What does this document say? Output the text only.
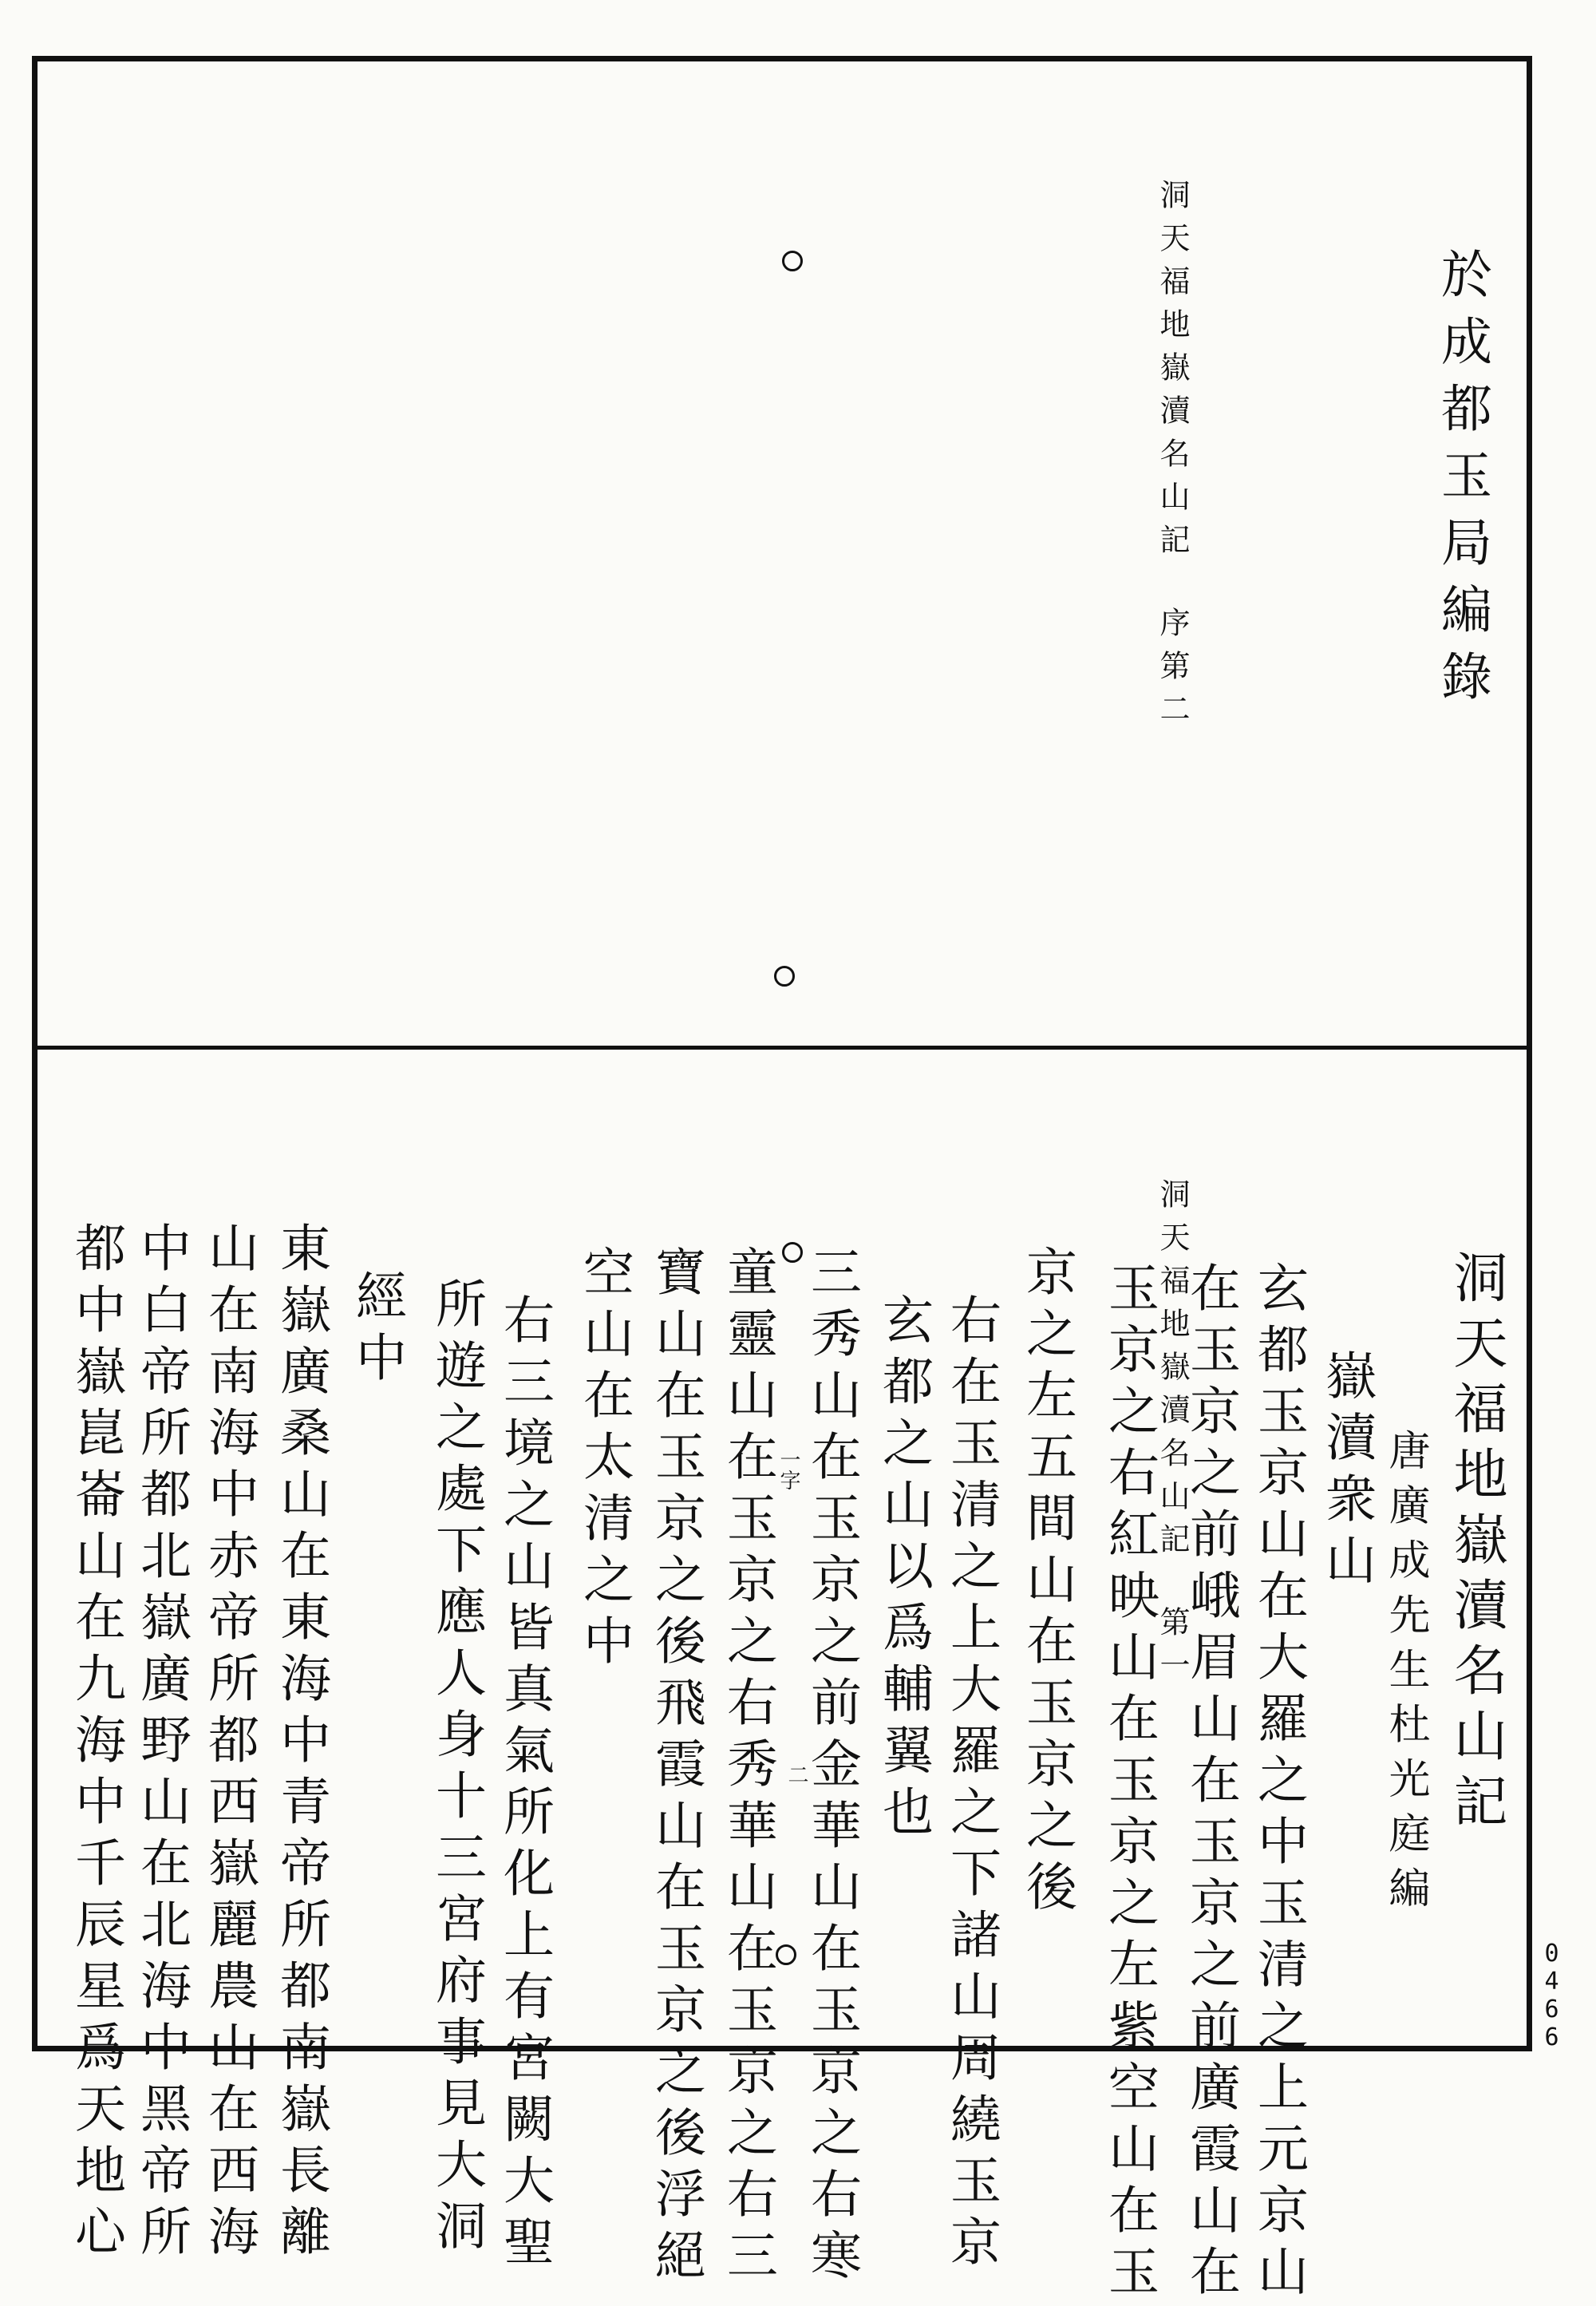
洞天福地嶽瀆名山記
序第二	於成都玉局編錄
洞天福地嶽瀆名山記
第一	洞天福地嶽瀆名山記
唐 廣 成 先 生 杜 光 庭 編
嶽瀆衆山
玄都玉京山在大羅之中玉清之上元京山
在玉京之前峨眉山在玉京之前廣霞山在
玉京之右紅映山在玉京之左紫空山在玉
京之左五間山在玉京之後
右在玉清之上大羅之下諸山周繞玉京
玄都之山以爲輔翼也
三秀山在玉京之前金華山在玉京之右寒
童靈山在玉京之右秀華山在玉京之右三
寶山在玉京之後飛霞山在玉京之後浮絕
空山在太清之中
右三境之山皆真氣所化上有宮闕大聖
所遊之處下應人身十三宮府事見大洞
經中
東嶽廣桑山在東海中青帝所都南嶽長離
山在南海中赤帝所都西嶽麗農山在西海
中白帝所都北嶽廣野山在北海中黑帝所
都中嶽崑崙山在九海中千辰星爲天地心	一字
二
0466
